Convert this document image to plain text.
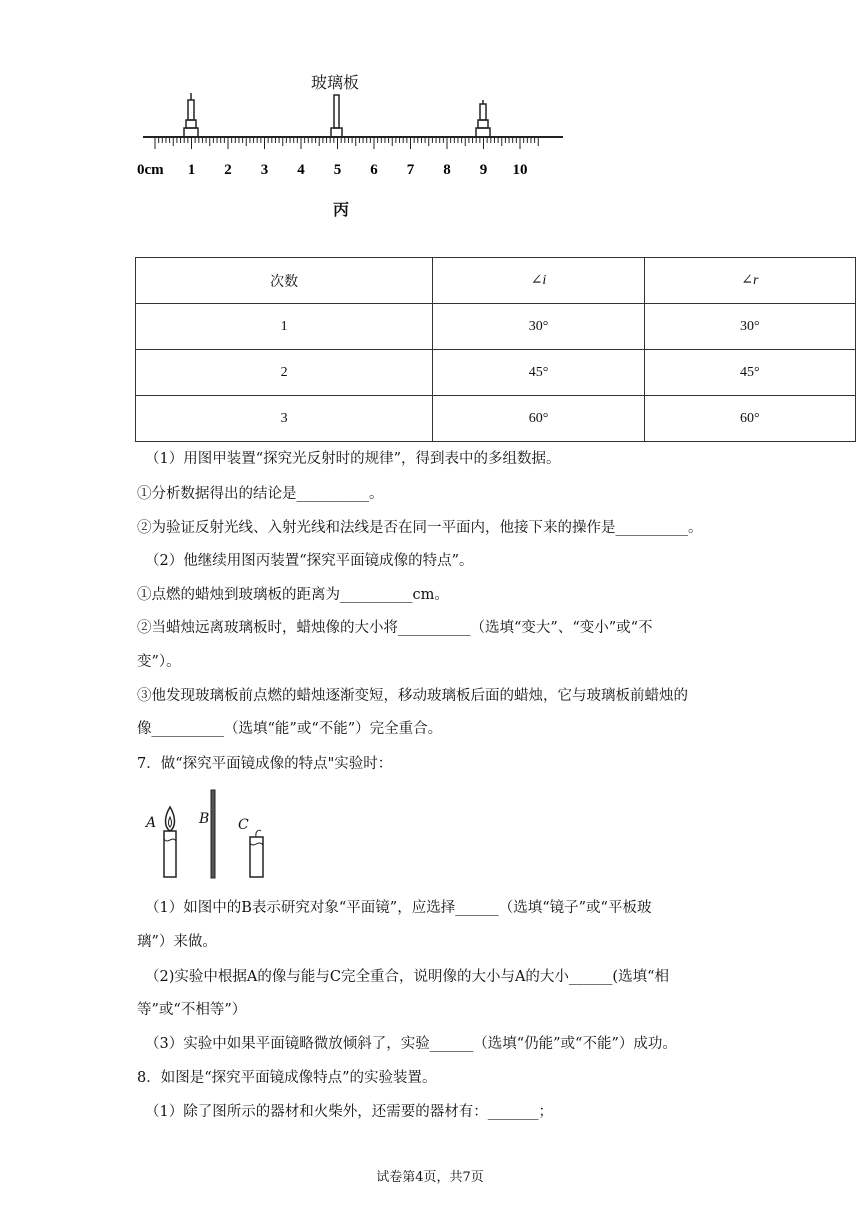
0cm 1 2 3 4 5 6 7 8 9 10
玻璃板
丙
次数	∠i	∠r
1	30°	30°
2	45°	45°
3	60°	60°
（1）用图甲装置“探究光反射时的规律”，得到表中的多组数据。
①分析数据得出的结论是__________。
②为验证反射光线、入射光线和法线是否在同一平面内，他接下来的操作是__________。
（2）他继续用图丙装置“探究平面镜成像的特点”。
①点燃的蜡烛到玻璃板的距离为__________cm。
②当蜡烛远离玻璃板时，蜡烛像的大小将__________（选填“变大”、“变小”或“不
变”）。
③他发现玻璃板前点燃的蜡烛逐渐变短，移动玻璃板后面的蜡烛，它与玻璃板前蜡烛的
像__________（选填“能”或“不能”）完全重合。
7．做“探究平面镜成像的特点"实验时：
A	B C
（1）如图中的B表示研究对象“平面镜”，应选择______（选填“镜子”或“平板玻
璃”）来做。
（2)实验中根据A的像与能与C完全重合，说明像的大小与A的大小______(选填“相
等”或“不相等”）
（3）实验中如果平面镜略微放倾斜了，实验______（选填“仍能”或“不能”）成功。
8．如图是“探究平面镜成像特点”的实验装置。
（1）除了图所示的器材和火柴外，还需要的器材有：_______；
试卷第4页，共7页
